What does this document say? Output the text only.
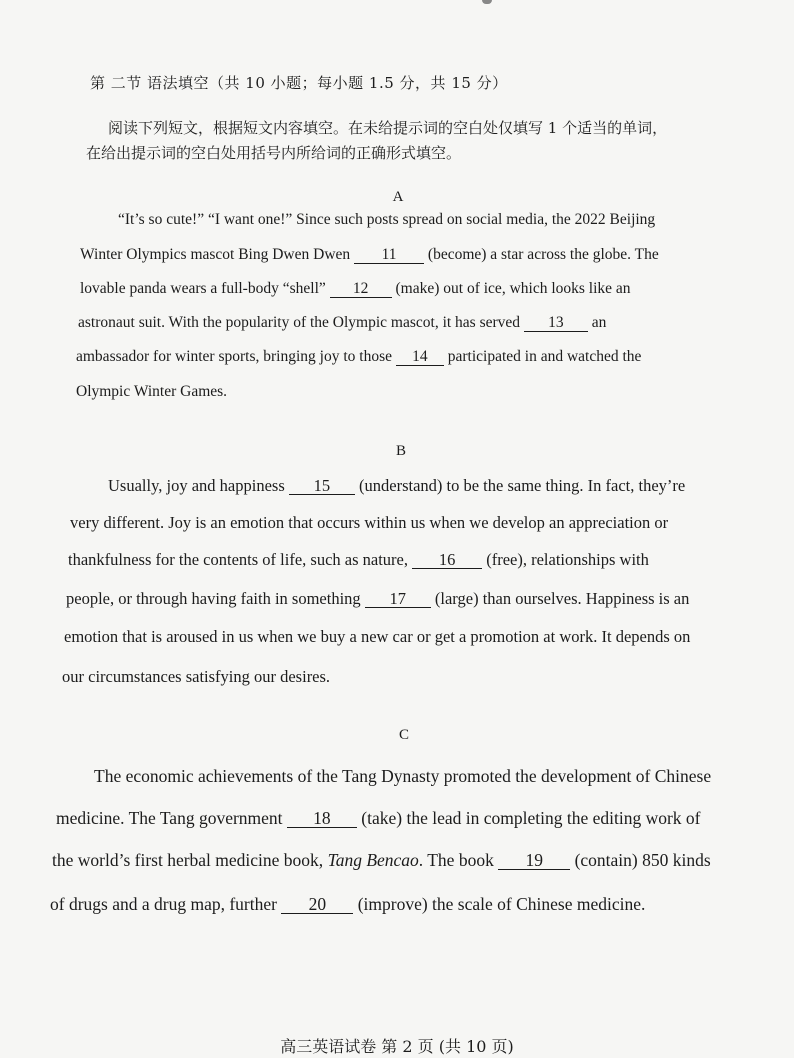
第 二节 语法填空（共 10 小题；每小题 1.5 分，共 15 分）
阅读下列短文，根据短文内容填空。在未给提示词的空白处仅填写 1 个适当的单词，
在给出提示词的空白处用括号内所给词的正确形式填空。
A
“It’s so cute!” “I want one!” Since such posts spread on social media, the 2022 Beijing
Winter Olympics mascot Bing Dwen Dwen 11 (become) a star across the globe. The
lovable panda wears a full-body “shell” 12 (make) out of ice, which looks like an
astronaut suit. With the popularity of the Olympic mascot, it has served 13 an
ambassador for winter sports, bringing joy to those 14 participated in and watched the
Olympic Winter Games.
B
Usually, joy and happiness 15 (understand) to be the same thing. In fact, they’re
very different. Joy is an emotion that occurs within us when we develop an appreciation or
thankfulness for the contents of life, such as nature, 16 (free), relationships with
people, or through having faith in something 17 (large) than ourselves. Happiness is an
emotion that is aroused in us when we buy a new car or get a promotion at work. It depends on
our circumstances satisfying our desires.
C
The economic achievements of the Tang Dynasty promoted the development of Chinese
medicine. The Tang government 18 (take) the lead in completing the editing work of
the world’s first herbal medicine book, Tang Bencao. The book 19 (contain) 850 kinds
of drugs and a drug map, further 20 (improve) the scale of Chinese medicine.
高三英语试卷 第 2 页 (共 10 页)
